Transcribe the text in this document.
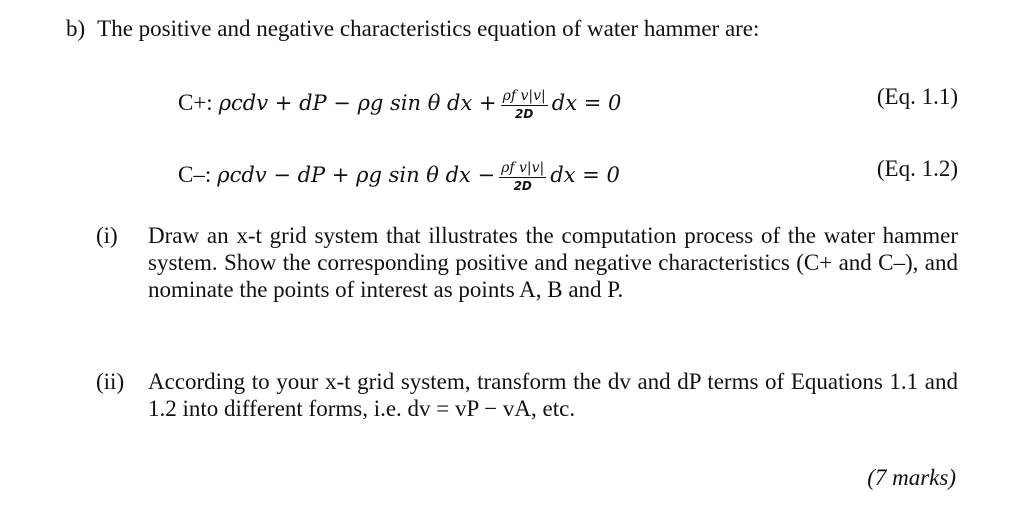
b) The positive and negative characteristics equation of water hammer are:
C+: ρcdv + dP − ρg sin θ dx + $\frac{\text{ρf v|v|}}{2D}$ dx = 0	(Eq. 1.1)
C–: ρcdv − dP + ρg sin θ dx − $\frac{\text{ρf v|v|}}{2D}$ dx = 0	(Eq. 1.2)
(i)	Draw an x-t grid system that illustrates the computation process of the water hammer system. Show the corresponding positive and negative characteristics (C+ and C–), and nominate the points of interest as points A, B and P.
(ii)	According to your x-t grid system, transform the dv and dP terms of Equations 1.1 and 1.2 into different forms, i.e. dv = vP − vA, etc.
(7 marks)
